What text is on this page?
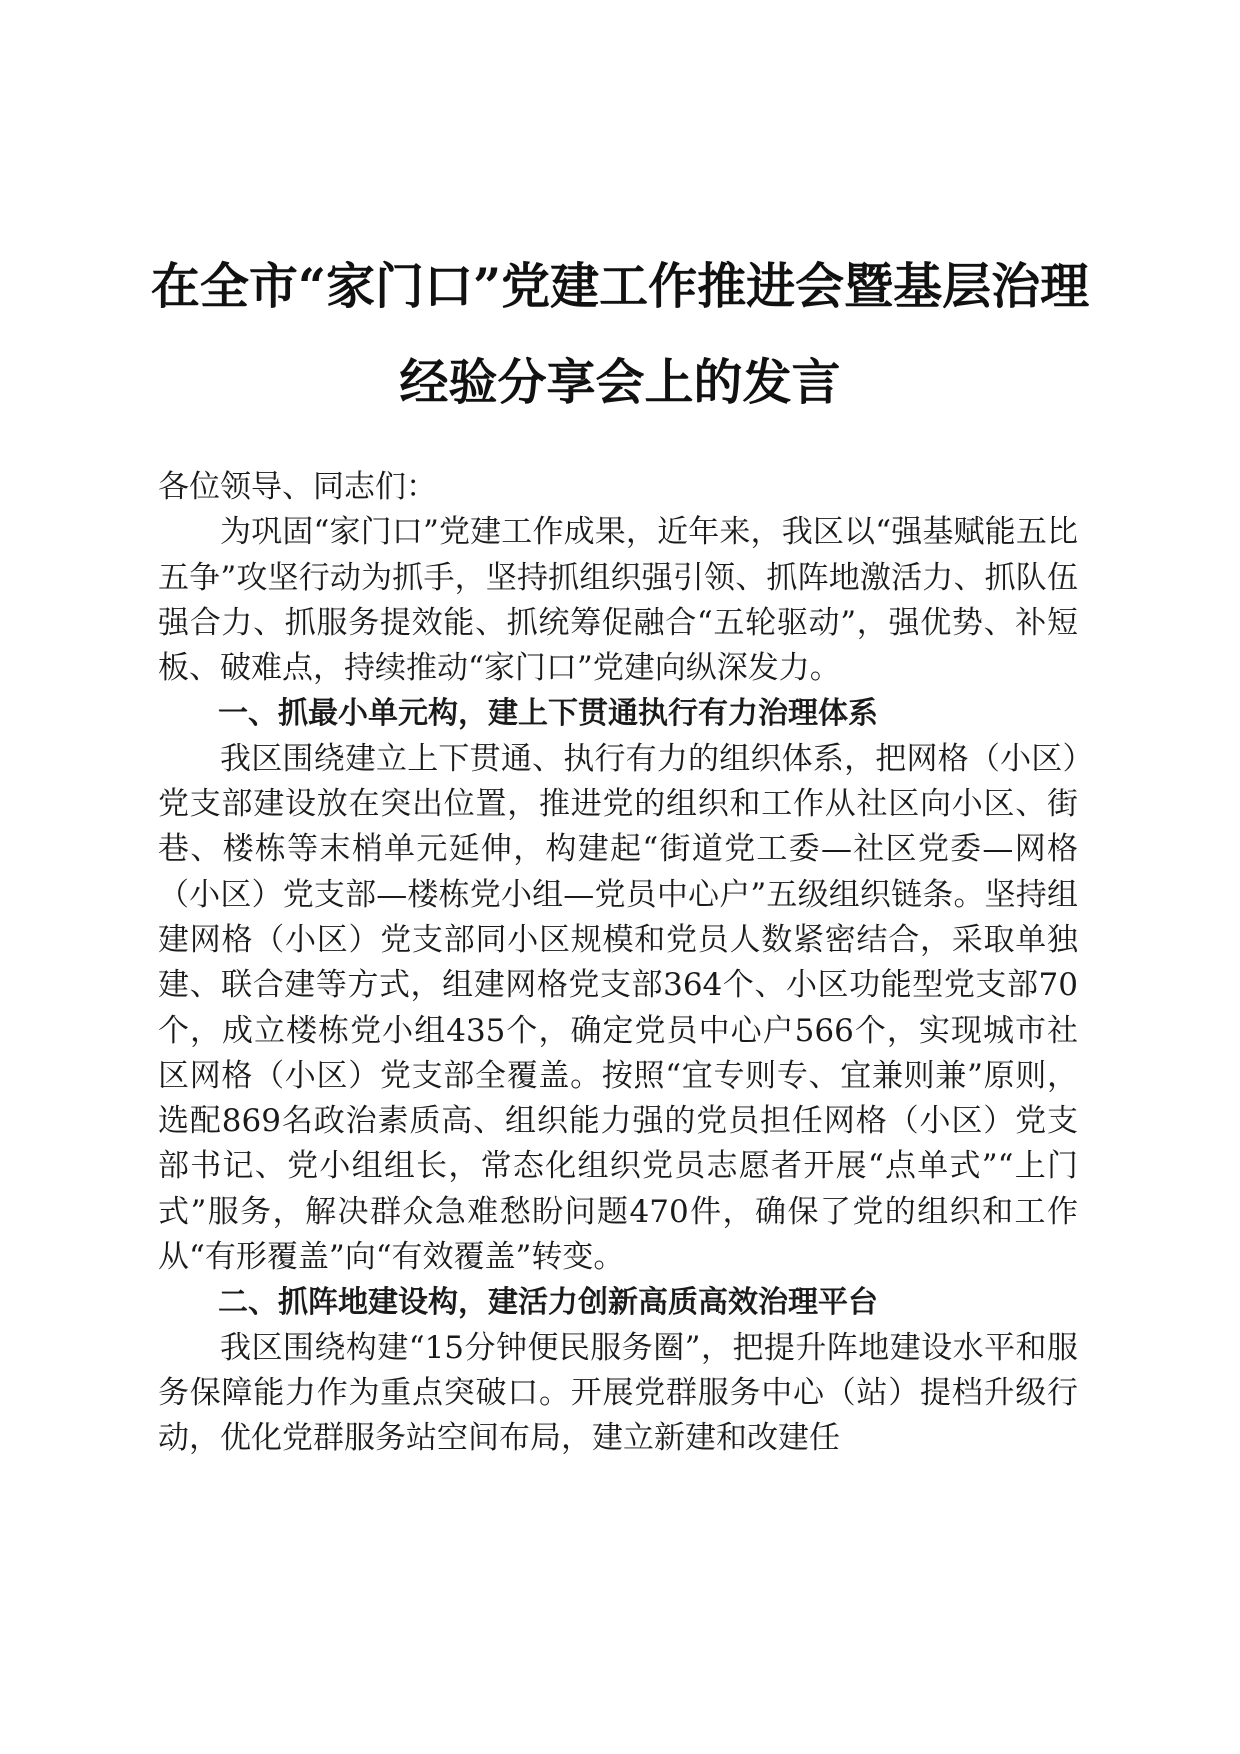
在全市“家门口”党建工作推进会暨基层治理
经验分享会上的发言

各位领导、同志们：

为巩固“家门口”党建工作成果，近年来，我区以“强基赋能五比五争”攻坚行动为抓手，坚持抓组织强引领、抓阵地激活力、抓队伍强合力、抓服务提效能、抓统筹促融合“五轮驱动”，强优势、补短板、破难点，持续推动“家门口”党建向纵深发力。

一、抓最小单元构，建上下贯通执行有力治理体系

我区围绕建立上下贯通、执行有力的组织体系，把网格（小区）党支部建设放在突出位置，推进党的组织和工作从社区向小区、街巷、楼栋等末梢单元延伸，构建起“街道党工委—社区党委—网格（小区）党支部—楼栋党小组—党员中心户”五级组织链条。坚持组建网格（小区）党支部同小区规模和党员人数紧密结合，采取单独建、联合建等方式，组建网格党支部364个、小区功能型党支部70个，成立楼栋党小组435个，确定党员中心户566个，实现城市社区网格（小区）党支部全覆盖。按照“宜专则专、宜兼则兼”原则，选配869名政治素质高、组织能力强的党员担任网格（小区）党支部书记、党小组组长，常态化组织党员志愿者开展“点单式”“上门式”服务，解决群众急难愁盼问题470件，确保了党的组织和工作从“有形覆盖”向“有效覆盖”转变。

二、抓阵地建设构，建活力创新高质高效治理平台

我区围绕构建“15分钟便民服务圈”，把提升阵地建设水平和服务保障能力作为重点突破口。开展党群服务中心（站）提档升级行动，优化党群服务站空间布局，建立新建和改建任
